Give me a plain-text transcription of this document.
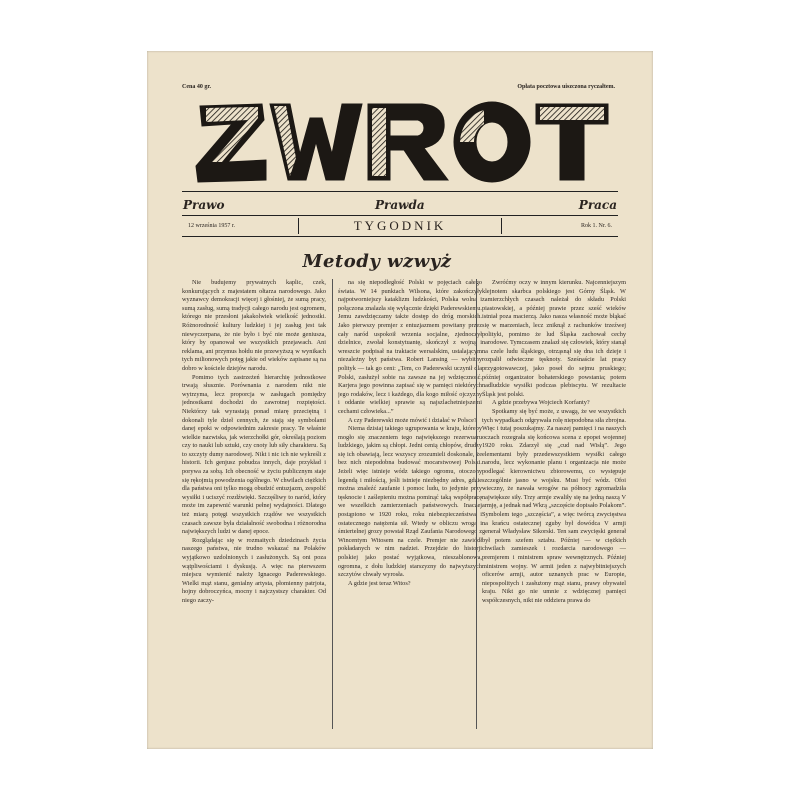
Cena 40 gr.	Opłata pocztowa uiszczona ryczałtem.
Prawo	Prawda	Praca
12 września 1957 r.	TYGODNIK	Rok 1. Nr. 6.
Metody wzwyż

Nie budujemy prywatnych kaplic, czek, konkurujących z majestatem ołtarza narodowego. Jako wyznawcy demokracji więcej i głośniej, że sumą pracy, sumą zasług, sumą tradycji całego narodu jest ogromem, którego nie przesłoni jakakolwiek wielkość jednostki. Różnorodność kultury ludzkiej i jej zasług jest tak niewyczerpana, że nie było i być nie może geniusza, który by opanował we wszystkich przejawach. Ani reklama, ani przymus hołdu nie przewyższą w wynikach tych milionowych potęg jakie od wieków zapisane są na dobro w kościele dziejów narodu.

Pomimo tych zastrzeżeń hierarchię jednostkowe trwają słusznie. Porównania z narodem nikt nie wytrzyma, lecz proporcja w zasługach pomiędzy jednostkami dochodzi do zawrotnej rozpiętości. Niektórzy tak wyrastają ponad miarę przeciętną i dokonali tyle dzieł cennych, że stają się symbolami danej epoki w odpowiednim zakresie pracy. Te właśnie wielkie nazwiska, jak wierzchołki gór, określają poziom czy to nauki lub sztuki, czy cnoty lub siły charakteru. Są to szczyty dumy narodowej. Nikt i nic ich nie wykreśli z historii. Ich genjusz pobudza innych, daje przykład i porywa za sobą. Ich obecność w życiu publicznym staje się rękojmią powodzenia ogólnego. W chwilach ciężkich dla państwa oni tylko mogą obudzić entuzjazm, zespolić wysiłki i uciszyć rozdźwięki. Szczęśliwy to naród, który może im zapewnić warunki pełnej wydajności. Dlatego też miarą potęgi wszystkich rządów we wszystkich czasach zawsze była działalność swobodna i różnorodna największych ludzi w danej epoce.

Rozglądając się w rozmaitych dziedzinach życia naszego państwa, nie trudno wskazać na Polaków wyjątkowo uzdolnionych i zasłużonych. Są oni poza wątpliwościami i dyskusją. A więc na pierwszem miejscu wymienić należy Ignacego Paderewskiego. Wielki mąż stanu, genialny artysta, płomienny patrjota, hojny dobroczyńca, mocny i najczystszy charakter. Od niego zaczy-

na się niepodległość Polski w pojęciach całego świata. W 14 punktach Wilsona, które zakończyły najpotworniejszy kataklizm ludzkości, Polska wolna i połączona znalazła się wyłącznie dzięki Paderewskiemu. Jemu zawdzięczamy także dostęp do dróg morskich. Jako pierwszy premjer z entuzjazmem powitany przez cały naród uspokoił wrzenia socjalne, zjednoczył dzielnice, zwołał konstytuantę, skończył z wojną i wreszcie podpisał na traktacie wersalskim, ustalającym niezależny byt państwa. Robert Lansing — wybitny polityk — tak go ceni: „Tem, co Paderewski uczynił dla Polski, zasłużył sobie na zawsze na jej wdzięczność. Karjera jego powinna zapisać się w pamięci niektórych jego rodaków, lecz i każdego, dla kogo miłość ojczyzny i oddanie wielkiej sprawie są najszlachetniejszemi cechami człowieka...”

A czy Paderewski może mówić i działać w Polsce?

Niema dzisiaj takiego ugrupowania w kraju, któreby mogło się znaczeniem tego największego rezerwuaru ludzkiego, jakim są chłopi. Jedni cenią chłopów, drudzy się ich obawiają, lecz wszyscy zrozumieli doskonale, że bez nich niepodobna budować mocarstwowej Polski. Jeżeli więc istnieje wódz takiego ogromu, otoczony legendą i miłością, jeśli istnieje niezbędny adres, gdzie można znaleźć zaufanie i pomoc ludu, to jedynie przy tęsknocie i zaślepieniu można pominąć taką współpracę we wszelkich zamierzeniach państwowych. Inaczej postąpiono w 1920 roku, roku niebezpieczeństwa i ostatecznego natężenia sił. Wtedy w obliczu wroga i śmiertelnej grozy powstał Rząd Zaufania Narodowego z Wincentym Witosem na czele. Premjer nie zawiódł pokładanych w nim nadziei. Przejdzie do historji polskiej jako postać wyjątkowa, nieszablonowa, ogromna, z dołu ludzkiej starszyzny do najwyższych szczytów chwały wyrosła.

A gdzie jest teraz Witos?

Zwróćmy oczy w innym kierunku. Najcenniejszym klejnotem skarbca polskiego jest Górny Śląsk. W zamierzchłych czasach należał do składu Polski piastowskiej, a później prawie przez sześć wieków istniał poza macierzą. Jako nasza własność może błąkać się w marzeniach, lecz zniknął z rachunków trzeźwej polityki, pomimo że lud Śląska zachował cechy narodowe. Tymczasem znalazł się człowiek, który stanął na czele ludu śląskiego, otrząsnął się dna ich dzieje i rozpalił odwieczne tęsknoty. Sześnaście lat pracy przygotowawczej, jako poseł do sejmu pruskiego; później organizator bohaterskiego powstania; potem nadludzkie wysiłki podczas plebiscytu. W rezultacie Śląsk jest polski.

A gdzie przebywa Wojciech Korfanty?

Spotkamy się być może, z uwagą, że we wszystkich tych wypadkach odgrywała rolę niepodobna siła zbrojna. Więc i tutaj poszukajmy. Za naszej pamięci i na naszych oczach rozegrała się końcowa scena z epopei wojennej 1920 roku. Zdarzył się „cud nad Wisłą”. Jego elementami były przedewszystkiem wysiłki całego narodu, lecz wykonanie planu i organizacja nie może podlegać kierownictwu zbiorowemu, co występuje szczególnie jasno w wojsku. Musi być wódz. Ofoi wieczny, że nawała wrogów na północy zgromadziła największe siły. Trzy armje zwaliły się na jedną naszą V armję, a jednak nad Wkrą „szczęście dopisało Polakom”. Symbolem tego „szczęścia”, a więc twórcą zwycięstwa na krańcu ostatecznej zguby był dowódca V armji generał Władysław Sikorski. Ten sam zwycięski generał był potem szefem sztabu. Później — w ciężkich chwilach zamieszek i rozdarcia narodowego — premjerem i ministrem spraw wewnętrznych. Później ministrem wojny. W armii jeden z najwybitniejszych oficerów armji, autor uznanych prac w Europie, niepospolitych i zasłużony mąż stanu, prawy obywatel kraju. Nikt go nie umnie z wdzięcznej pamięci współczesnych, nikt nie oddziera prawa do
